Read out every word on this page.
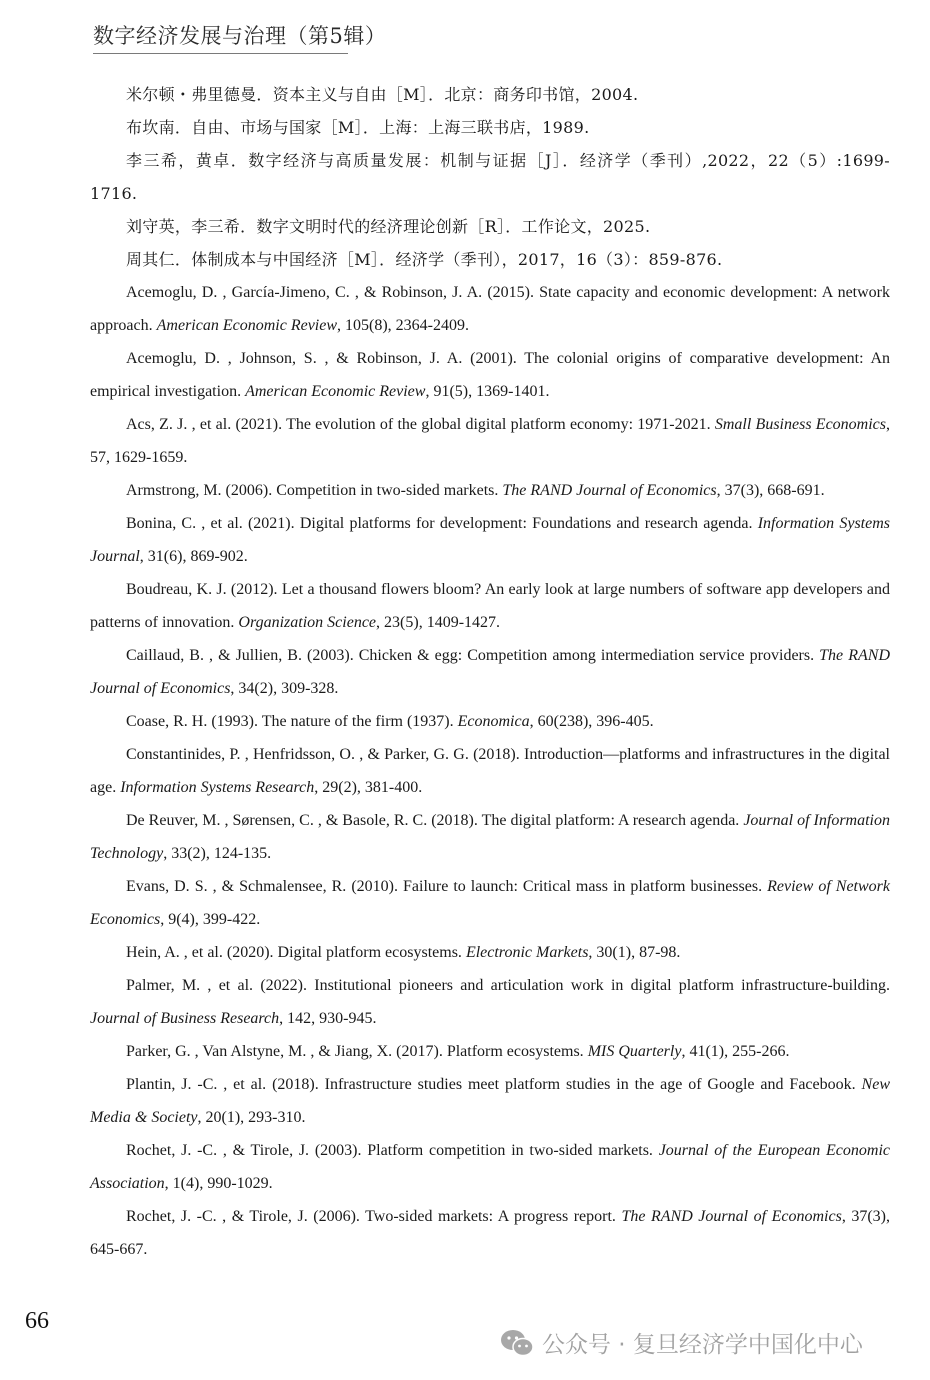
数字经济发展与治理（第5辑）

米尔顿・弗里德曼．资本主义与自由［M］．北京：商务印书馆，2004.

布坎南．自由、市场与国家［M］．上海：上海三联书店，1989.

李三希，黄卓．数字经济与高质量发展：机制与证据［J］．经济学（季刊）,2022，22（5）:1699-1716.

刘守英，李三希．数字文明时代的经济理论创新［R］．工作论文，2025.

周其仁．体制成本与中国经济［M］．经济学（季刊），2017，16（3）：859-876.

Acemoglu, D. , García-Jimeno, C. , & Robinson, J. A. (2015). State capacity and economic development: A network approach. American Economic Review, 105(8), 2364-2409.

Acemoglu, D. , Johnson, S. , & Robinson, J. A. (2001). The colonial origins of comparative development: An empirical investigation. American Economic Review, 91(5), 1369-1401.

Acs, Z. J. , et al. (2021). The evolution of the global digital platform economy: 1971-2021. Small Business Economics, 57, 1629-1659.

Armstrong, M. (2006). Competition in two-sided markets. The RAND Journal of Economics, 37(3), 668-691.

Bonina, C. , et al. (2021). Digital platforms for development: Foundations and research agenda. Information Systems Journal, 31(6), 869-902.

Boudreau, K. J. (2012). Let a thousand flowers bloom? An early look at large numbers of software app developers and patterns of innovation. Organization Science, 23(5), 1409-1427.

Caillaud, B. , & Jullien, B. (2003). Chicken & egg: Competition among intermediation service providers. The RAND Journal of Economics, 34(2), 309-328.

Coase, R. H. (1993). The nature of the firm (1937). Economica, 60(238), 396-405.

Constantinides, P. , Henfridsson, O. , & Parker, G. G. (2018). Introduction—platforms and infrastructures in the digital age. Information Systems Research, 29(2), 381-400.

De Reuver, M. , Sørensen, C. , & Basole, R. C. (2018). The digital platform: A research agenda. Journal of Information Technology, 33(2), 124-135.

Evans, D. S. , & Schmalensee, R. (2010). Failure to launch: Critical mass in platform businesses. Review of Network Economics, 9(4), 399-422.

Hein, A. , et al. (2020). Digital platform ecosystems. Electronic Markets, 30(1), 87-98.

Palmer, M. , et al. (2022). Institutional pioneers and articulation work in digital platform infrastructure-building. Journal of Business Research, 142, 930-945.

Parker, G. , Van Alstyne, M. , & Jiang, X. (2017). Platform ecosystems. MIS Quarterly, 41(1), 255-266.

Plantin, J. -C. , et al. (2018). Infrastructure studies meet platform studies in the age of Google and Facebook. New Media & Society, 20(1), 293-310.

Rochet, J. -C. , & Tirole, J. (2003). Platform competition in two-sided markets. Journal of the European Economic Association, 1(4), 990-1029.

Rochet, J. -C. , & Tirole, J. (2006). Two-sided markets: A progress report. The RAND Journal of Economics, 37(3), 645-667.

66
公众号 · 复旦经济学中国化中心
